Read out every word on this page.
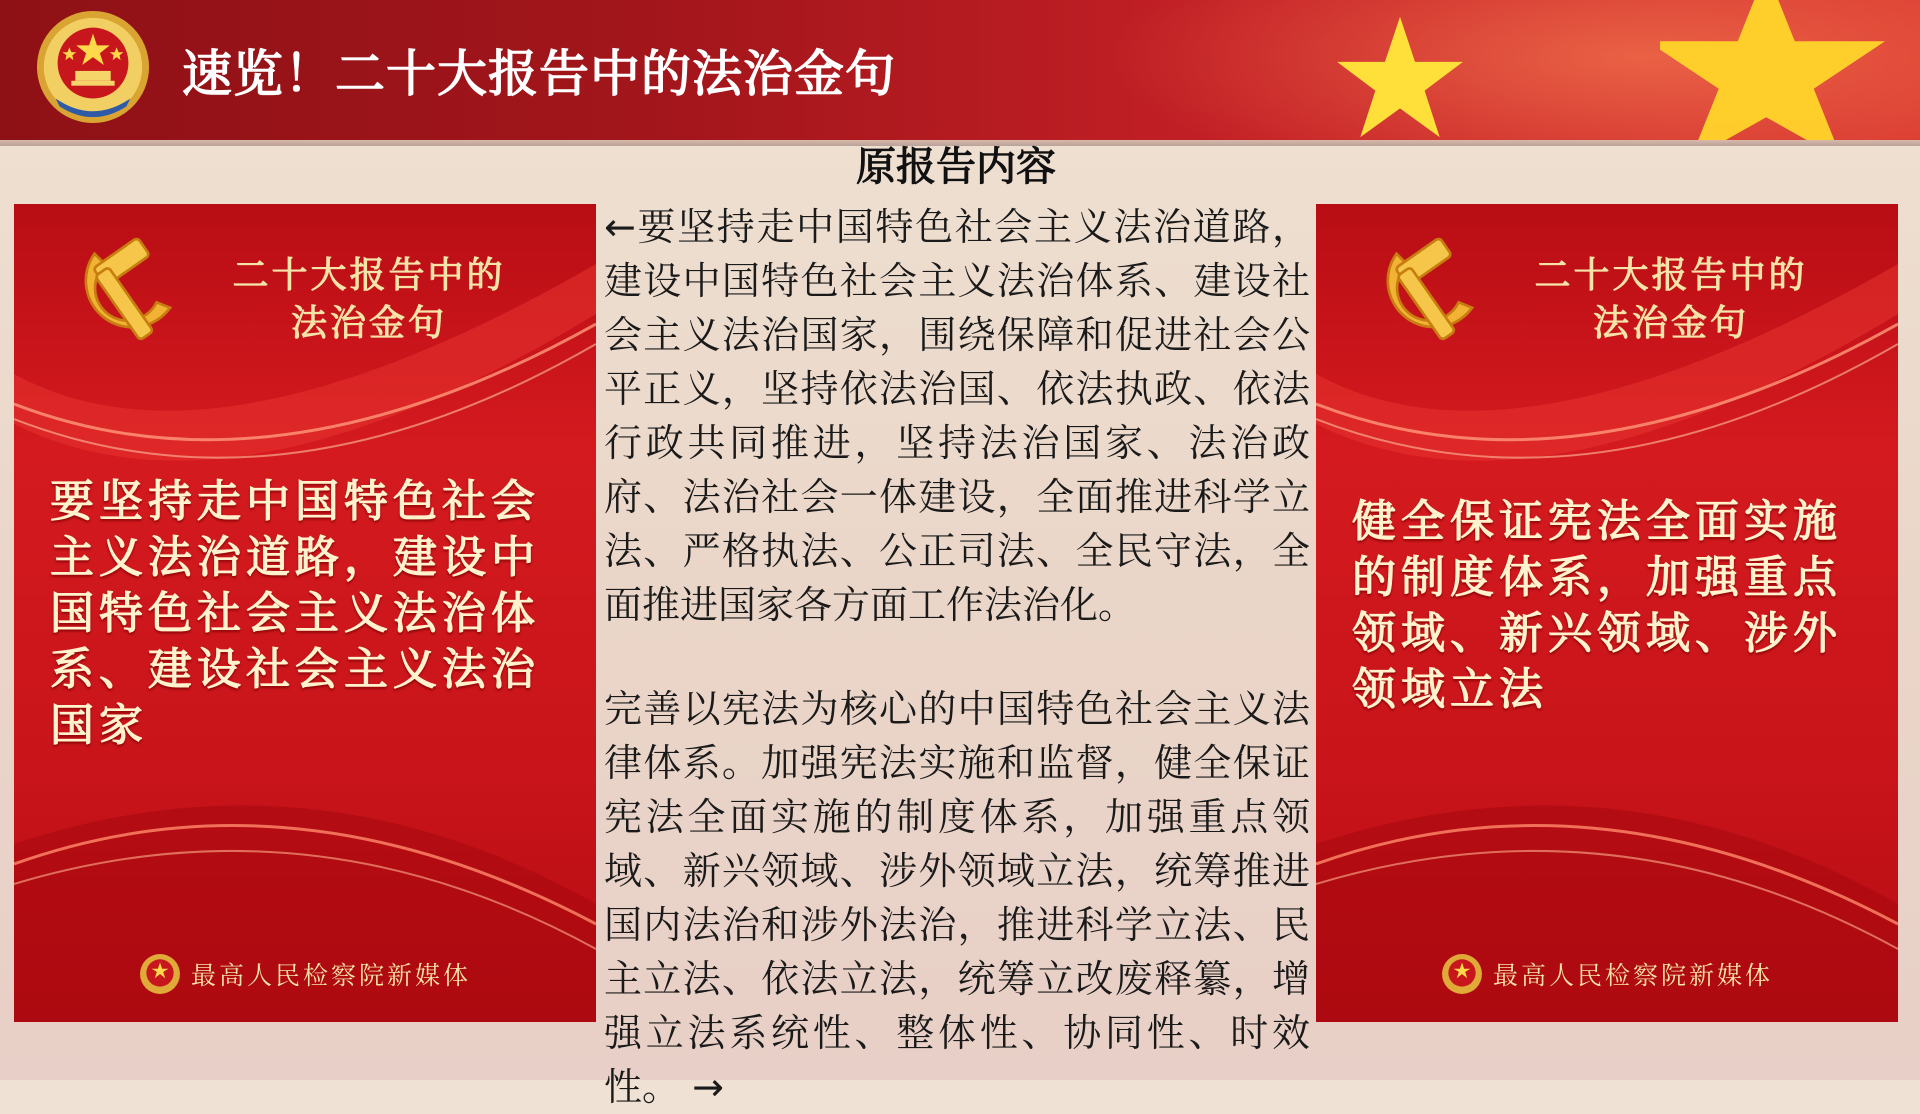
速览！二十大报告中的法治金句
二十大报告中的
法治金句
要坚持走中国特色社会主义法治道路，建设中国特色社会主义法治体系、建设社会主义法治国家
最高人民检察院新媒体
原报告内容
←要坚持走中国特色社会主义法治道路，建设中国特色社会主义法治体系、建设社会主义法治国家，围绕保障和促进社会公平正义，坚持依法治国、依法执政、依法行政共同推进，坚持法治国家、法治政府、法治社会一体建设，全面推进科学立法、严格执法、公正司法、全民守法，全面推进国家各方面工作法治化。
完善以宪法为核心的中国特色社会主义法律体系。加强宪法实施和监督，健全保证宪法全面实施的制度体系，加强重点领域、新兴领域、涉外领域立法，统筹推进国内法治和涉外法治，推进科学立法、民主立法、依法立法，统筹立改废释纂，增强立法系统性、整体性、协同性、时效性。 →
二十大报告中的
法治金句
健全保证宪法全面实施的制度体系，加强重点领域、新兴领域、涉外领域立法
最高人民检察院新媒体
